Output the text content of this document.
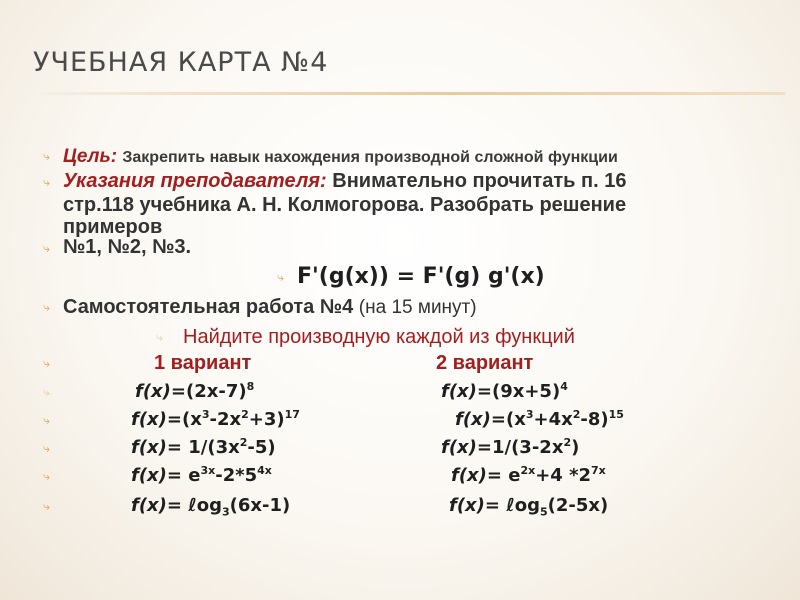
УЧЕБНАЯ КАРТА №4
⤷ Цель: Закрепить навык нахождения производной сложной функции
⤷ Указания преподавателя: Внимательно прочитать п. 16
стр.118 учебника А. Н. Колмогорова. Разобрать решение
примеров
⤷ №1, №2, №3.
⤷ F'(g(x)) = F'(g) g'(x)
⤷ Самостоятельная работа №4 (на 15 минут)
⤷ Найдите производную каждой из функций
⤷	1 вариант	2 вариант
⤷	$f(x)=(2x-7)^8$	$f(x)=(9x+5)^4$
⤷	$f(x)=(x^3-2x^2+3)^{17}$	$f(x)=(x^3+4x^2-8)^{15}$
⤷	$f(x)= 1/(3x^2-5)$	$f(x)=1/(3-2x^2)$
⤷	$f(x)= e^{3x}-2*5^{4x}$	$f(x)= e^{2x}+4$ $*2^{7x}$
⤷	f(x)= ℓog$_3$(6x-1)	f(x)= ℓog$_5$(2-5x)
